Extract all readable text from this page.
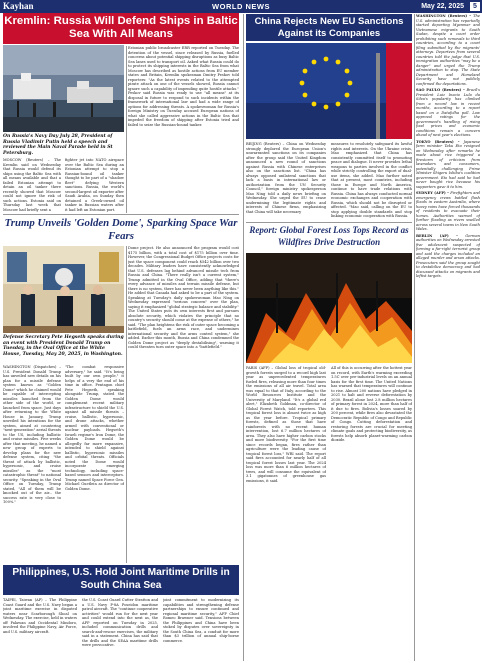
Kayhan	WORLD NEWS	May 22, 2025	5
Kremlin: Russia Will Defend Ships in Baltic Sea With All Means
On Russia's Navy Day July 28, President of Russia Vladimir Putin held a speech and reviewed the Main Naval Parade held in St Petersburg.
MOSCOW (Reuters) – The Kremlin said on Wednesday that Russia would defend its ships using the Baltic Sea with all means available and that a failed Estonian attempt to detain an oil tanker there recently showed that Moscow could not ignore the risk of such actions. Estonia said on Thursday last week that Moscow had briefly sent a
fighter jet into NATO airspace over the Baltic Sea during an Estonian attempt to stop a Russian-bound oil tanker thought to be part of a "shadow fleet" defying Western sanctions. Russia, the world's second-largest oil exporter after Saudi Arabia, on Sunday then detained a Greek-owned oil tanker in Russian waters after it had left an Estonian port.
Estonian public broadcaster ERR reported on Tuesday. The detention of the vessel, since released by Russia, fuelled concerns about potential shipping disruptions as busy Baltic Sea lanes used to transport oil. Asked what Russia could do to protect its shipping interests in the Baltic Sea from what Moscow has described as hostile actions from EU member states and Britain, Kremlin spokesman Dmitry Peskov told reporters: "As the latest events related to the attempted pirate attack on one of the vessels showed, Russia cannot ignore such a capability of impending quite hostile attacks." Peskov said Russia was ready to use "all means" at its disposal in future to respond to such incidents within the framework of international law and had a wide range of options for addressing threats. A spokeswoman for Russia's foreign Ministry on Tuesday accused European nations of what she called aggressive actions in the Baltic Sea that impeded the freedom of shipping after Estonia tried and failed to seize the Russian-bound tanker.
China Rejects New EU Sanctions Against its Companies
BEIJING (Reuters) – China on Wednesday strongly deplored the European Union's unwarranted sanctions on its companies after the group said the United Kingdom announced a new round of sanctions against Russia with Chinese enterprises also on the sanctions list. "China has always opposed unilateral sanctions that lack a basis in international law or authorization from the UN Security Council," foreign ministry spokesperson Mao Ning told a daily news briefing on Wednesday. She urged the EU to cease undermining the legitimate rights and interests of Chinese firms, emphasizing that China will take necessary
measures to resolutely safeguard its lawful rights and interests. On the Ukraine crisis, Mao emphasized that China has consistently committed itself to promoting peace and dialogue. It never provides lethal weapons to parties involved in the conflict while strictly controlling the export of dual-use items, she added. Mao further noted that at present, most countries, including those in Europe and North America, continue to have trade relations with Russia. China has always conducted normal economic exchanges and cooperation with Russia, which should not be disrupted or affected. "Mao said, calling on the EU to stop applying double standards and stop linking economic cooperation with Russia.
Trump Unveils 'Golden Dome', Sparking Space War Fears
Defense Secretary Pete Hegseth speaks during an event with President Donald Trump on Tuesday, in the Oval Office at the White House, Tuesday, May 20, 2025, in Washington.
WASHINGTON (Dispatches) – U.S. President Donald Trump has unveiled new details on his plan for a missile defense system known as "Golden Dome" which he claimed would be capable of intercepting missiles launched from the other side of the world, or launched from space. Just days after returning to the White House in January, Trump unveiled his intentions for the system, aimed at countering "next-generation" aerial threats to the US, including ballistic and cruise missiles. Five weeks after that meeting, he named a new group of experts to develop plans for the new defense system, citing "the threat of attack by ballistic, hypersonic, and cruise missiles" as the "most catastrophic threat" to national security. "Speaking in the Oval Office on Tuesday, Trump stated, "All of them will be knocked out of the air... the success rate is very close to 100%."
"The combat responsive adversary," he said. "It's being built by our own people," it helps of a very the end of his time in office. Pentagon chief Pete Hegseth, speaking alongside Trump, stated the Golden Dome would complement recent military infrastructure to shield the U.S. against all missile threats – cruise, ballistic, hypersonic, and drone attacks, whether armed with conventional or nuclear payloads. Hegseth's Israeli regime's Iron Dome, the Golden Dome would be allegedly far more expansive, intended to shield against ballistic, hypersonic missiles and orbital threats. Officials noted the Dome would incorporate emerging technology, including space-based sensors and interceptors. Trump named Space Force Gen. Michael Guetlein as director of Golden Dome.
Dome project. He also announced the program would cost $175 billion, with a total cost of $175 billion over time. However, the Congressional Budget Office projects costs for just the space component could reach $542 billion over two decades. Military leaders have consistently acknowledged that U.S. defenses lag behind advanced missile tech from Russia and China. "There really isn't a current system," Trump admitted in the Oval Office, adding that "there's every advance of missiles and terrain missile defense, but there is no system, there has never been anything like this." He added that Canada had asked to be a part of the system. Speaking at Tuesday's daily spokeswoman Mao Ning on Wednesday expressed "serious concern" over the plan, saying it emphasized "global strategic balance and stability." The United States puts its own interests first and pursues absolute security, which violates the principle that no country's security should come at the expense of others," he said. "The plan heightens the risk of outer space becoming a battlefield, fuels an arms race, and undermines international security and the arms control system," she added. Earlier this month, Russia and China condemned the Golden Dome project as "deeply destabilising", warning it could threaten turn outer space into a "battlefield."
Report: Global Forest Loss Tops Record as Wildfires Drive Destruction
PARIS (AFP) – Global loss of tropical old-growth forests surged to a record high last year as unprecedented temperatures fueled fires, releasing more than four times the emissions of all air travel. Total area was equal to that of Italy, according to the World Resources Institute and the University of Maryland. "It's a global red alert," Elizabeth Goldman, co-director of Global Forest Watch, told reporters. This tropical forest loss is almost twice as high as the year before. Tropical primary forests, defined as those that have rainforests with no recent human intervention, lost 6.7 million hectares of area. They also have higher carbon stocks and more biodiversity. "For the first time since records began, fires rather than agriculture were the leading cause of tropical forest loss," WRI said. The report said fires accounted for nearly half of all tropical forest losses last year. The 2024 loss was more than 6 million hectares of trees, and will consume the equivalent of 3.1 gigatonnes of greenhouse gas emissions, it said.
All of this is occurring after the hottest year on record, with Earth's warming exceeding 1.5C over pre-industrial levels on an annual basis for the first time. The United Nations has warned that temperatures will continue to rise. Almost 200 nations have pledged in 2021 to halt and reverse deforestation by 2030. Brazil alone lost 2.8 million hectares of primary forest in 2024, more than half of it due to fires. Bolivia's losses soared by 200 percent, while fires also devastated the Democratic Republic of Congo and Republic of Congo. Cutting deforestation and restoring forests are crucial for meeting climate goals and protecting biodiversity, as forests help absorb planet-warming carbon dioxide.
Philippines, U.S. Hold Joint Maritime Drills in South China Sea
TAIPEI, Taiwan (AP) – The Philippine Coast Guard and the U.S. Navy began a joint maritime exercise in disputed waters near Scarborough Shoal on Wednesday. The exercise, held in waters off Palawan and Occidental Mindoro, involved the Philippine Navy, Air Force, and U.S. military aircraft.
the U.S. Coast Guard Cutter Stratton and a U.S. Navy P-8A Poseidon maritime patrol aircraft. The "continue cooperative activities" would run for the next year and could extend into the next as, the AFP reported on Tuesday in 2025, included communication drills and search-and-rescue exercises, the military said in a statement. China has said that the drills and the SEAA maritime drills were provocative.
joint commitment to modernizing its capabilities and strengthening defense partnerships to ensure continued and regional maritime security," AFP Chief Romeo Brawner said. Tensions between the Philippines and China have been stoked by disputes over sovereignty in the South China Sea, a conduit for more than $3 trillion of annual ship-borne commerce.
WASHINGTON (Reuters) – The U.S. administration has reportedly started deporting Myanmar and Vietnamese migrants to South Sudan, despite a court order prohibiting such removals to third countries, according to a court filing submitted by the migrants' attorneys. Deportees from several countries told the judge that U.S. immigration authorities "may be a danger" and urged the Trump administration to stop. The State Department and Homeland Security have not publicly confirmed the deportations.
SAO PAULO (Reuters) – Brazil's President Luiz Inacio Lula da Silva's popularity has climbed from a record low in recent months, according to a report based on a Datafolha poll. Low approval ratings for the government's handling of rising food prices and economic conditions remain a concern ahead of next year's elections.
TOKYO (Reuters) – Japanese farm minister Taku Eto resigned on Wednesday after remarks he made about rice triggered a firestorm of criticism from lawmakers and consumers, potentially challenging Prime Minister Shigeru Ishiba's coalition government. Eto had said he had never bought rice because his supporters gave it to him.
SYDNEY (AFP) – Firefighters and emergency crews battled flash floods in eastern Australia, where heavy rains have forced thousands of residents to evacuate their homes. Authorities warned of further flooding as rivers swelled across several towns in New South Wales.
BERLIN (AP) – German authorities on Wednesday arrested five adolescent suspected of forming a far-right terrorist group and said the charges included an alleged murder and arson attacks. Prosecutors said the group sought to destabilize democracy and had discussed attacks on migrants and leftist targets.
